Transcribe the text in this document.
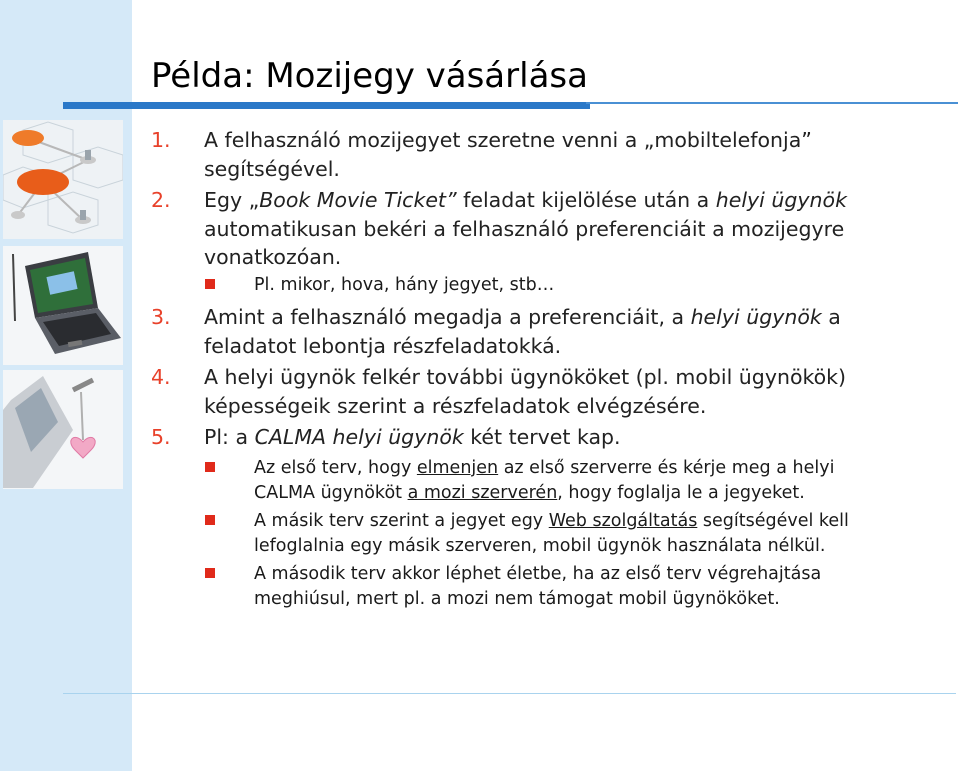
Példa: Mozijegy vásárlása
1. A felhasználó mozijegyet szeretne venni a „mobiltelefonja”
segítségével.
2. Egy „Book Movie Ticket” feladat kijelölése után a helyi ügynök
automatikusan bekéri a felhasználó preferenciáit a mozijegyre
vonatkozóan.
Pl. mikor, hova, hány jegyet, stb…
3. Amint a felhasználó megadja a preferenciáit, a helyi ügynök a
feladatot lebontja részfeladatokká.
4. A helyi ügynök felkér további ügynököket (pl. mobil ügynökök)
képességeik szerint a részfeladatok elvégzésére.
5. Pl: a CALMA helyi ügynök két tervet kap.
Az első terv, hogy elmenjen az első szerverre és kérje meg a helyi
CALMA ügynököt a mozi szerverén, hogy foglalja le a jegyeket.
A másik terv szerint a jegyet egy Web szolgáltatás segítségével kell
lefoglalnia egy másik szerveren, mobil ügynök használata nélkül.
A második terv akkor léphet életbe, ha az első terv végrehajtása
meghiúsul, mert pl. a mozi nem támogat mobil ügynököket.
